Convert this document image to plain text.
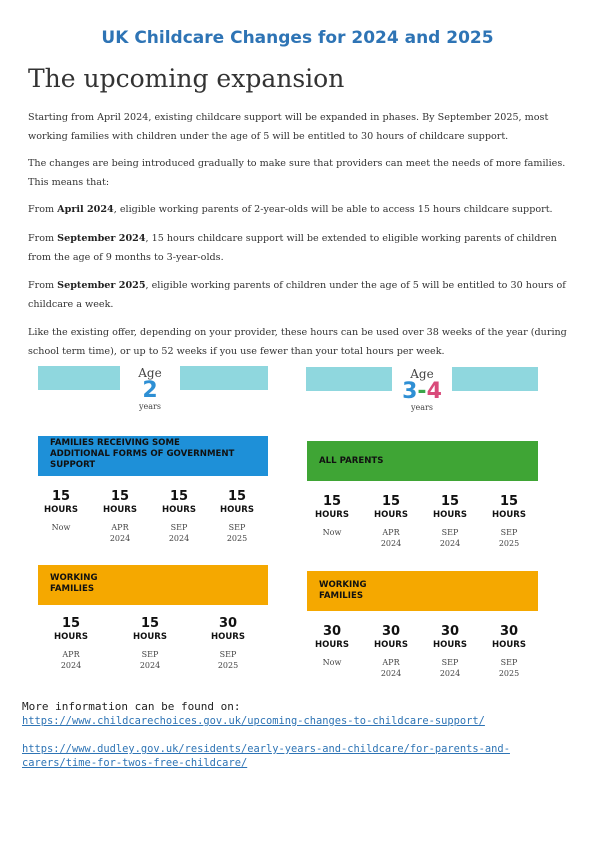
UK Childcare Changes for 2024 and 2025
The upcoming expansion
Starting from April 2024, existing childcare support will be expanded in phases. By September 2025, most working families with children under the age of 5 will be entitled to 30 hours of childcare support.
The changes are being introduced gradually to make sure that providers can meet the needs of more families. This means that:
From April 2024, eligible working parents of 2-year-olds will be able to access 15 hours childcare support.
From September 2024, 15 hours childcare support will be extended to eligible working parents of children from the age of 9 months to 3-year-olds.
From September 2025, eligible working parents of children under the age of 5 will be entitled to 30 hours of childcare a week.
Like the existing offer, depending on your provider, these hours can be used over 38 weeks of the year (during school term time), or up to 52 weeks if you use fewer than your total hours per week.
Age
2
years
FAMILIES RECEIVING SOME
ADDITIONAL FORMS OF GOVERNMENT
SUPPORT
15
HOURS
Now
15
HOURS
APR
2024
15
HOURS
SEP
2024
15
HOURS
SEP
2025
WORKING
FAMILIES
15
HOURS
APR
2024
15
HOURS
SEP
2024
30
HOURS
SEP
2025
Age
3-4
years
ALL PARENTS
15
HOURS
Now
15
HOURS
APR
2024
15
HOURS
SEP
2024
15
HOURS
SEP
2025
WORKING
FAMILIES
30
HOURS
Now
30
HOURS
APR
2024
30
HOURS
SEP
2024
30
HOURS
SEP
2025
More information can be found on:
https://www.childcarechoices.gov.uk/upcoming-changes-to-childcare-support/
https://www.dudley.gov.uk/residents/early-years-and-childcare/for-parents-and-carers/time-for-twos-free-childcare/
